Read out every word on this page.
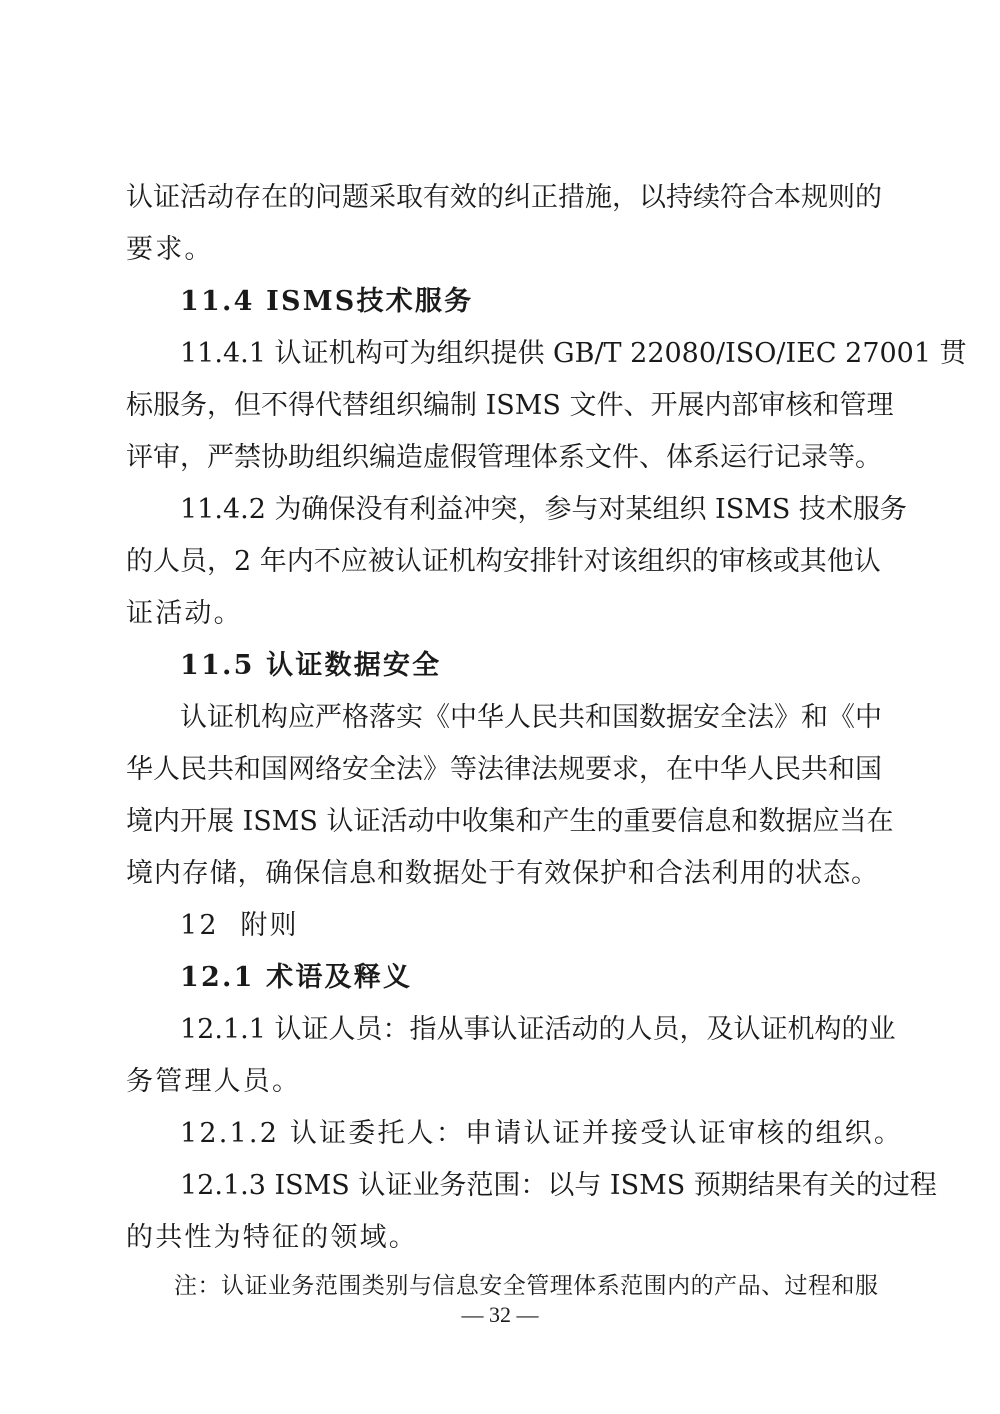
认证活动存在的问题采取有效的纠正措施，以持续符合本规则的
要求。
11.4 ISMS技术服务
11.4.1 认证机构可为组织提供 GB/T 22080/ISO/IEC 27001 贯
标服务，但不得代替组织编制 ISMS 文件、开展内部审核和管理
评审，严禁协助组织编造虚假管理体系文件、体系运行记录等。
11.4.2 为确保没有利益冲突，参与对某组织 ISMS 技术服务
的人员，2 年内不应被认证机构安排针对该组织的审核或其他认
证活动。
11.5 认证数据安全
认证机构应严格落实《中华人民共和国数据安全法》和《中
华人民共和国网络安全法》等法律法规要求，在中华人民共和国
境内开展 ISMS 认证活动中收集和产生的重要信息和数据应当在
境内存储，确保信息和数据处于有效保护和合法利用的状态。
12  附则
12.1 术语及释义
12.1.1 认证人员：指从事认证活动的人员，及认证机构的业
务管理人员。
12.1.2 认证委托人：申请认证并接受认证审核的组织。
12.1.3 ISMS 认证业务范围：以与 ISMS 预期结果有关的过程
的共性为特征的领域。
注：认证业务范围类别与信息安全管理体系范围内的产品、过程和服
— 32 —
